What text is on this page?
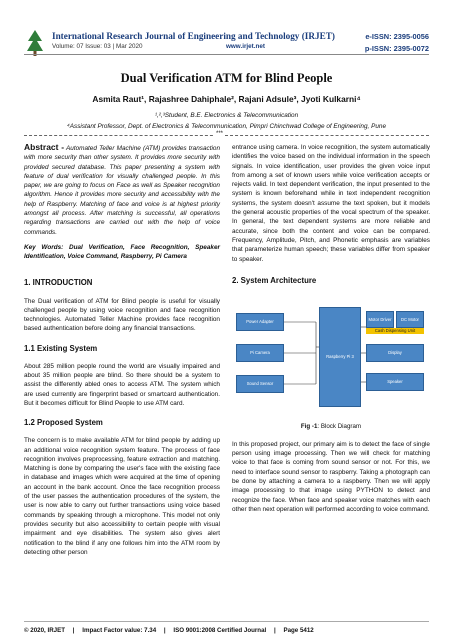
International Research Journal of Engineering and Technology (IRJET)
Volume: 07 Issue: 03 | Mar 2020	www.irjet.net
e-ISSN: 2395-0056
p-ISSN: 2395-0072
Dual Verification ATM for Blind People
Asmita Raut¹, Rajashree Dahiphale², Rajani Adsule³, Jyoti Kulkarni⁴
¹,²,³Student, B.E. Electronics & Telecommunication
⁴Assistant Professor, Dept. of Electronics & Telecommunication, Pimpri Chinchwad College of Engineering, Pune
***

Abstract - Automated Teller Machine (ATM) provides transaction with more security than other system. It provides more security with provided secured database. This paper presenting a system with feature of dual verification for visually challenged people. In this paper, we are going to focus on Face as well as Speaker recognition algorithm. Hence it provides more security and accessibility with the help of Raspberry. Matching of face and voice is at highest priority amongst all process. After matching is successful, all operations regarding transactions are carried out with the help of voice commands.

Key Words: Dual Verification, Face Recognition, Speaker Identification, Voice Command, Raspberry, Pi Camera
1. INTRODUCTION

The Dual verification of ATM for Blind people is useful for visually challenged people by using voice recognition and face recognition technologies. Automated Teller Machine provides face recognition based authentication before doing any financial transactions.

1.1 Existing System

About 285 million people round the world are visually impaired and about 35 million people are blind. So there should be a system to assist the differently abled ones to access ATM. The system which are used currently are fingerprint based or smartcard authentication. But it becomes difficult for Blind People to use ATM card.

1.2 Proposed System

The concern is to make available ATM for blind people by adding up an additional voice recognition system feature. The process of face recognition involves preprocessing, feature extraction and matching. Matching is done by comparing the user's face with the existing face in database and images which were acquired at the time of opening an account in the bank account. Once the face recognition process of the user passes the authentication procedures of the system, the user is now able to carry out further transactions using voice based commands by speaking through a microphone. This model not only provides security but also accessibility to certain people with visual impairment and eye disabilities. The system also gives alert notification to the blind if any one follows him into the ATM room by detecting other person

entrance using camera. In voice recognition, the system automatically identifies the voice based on the individual information in the speech signals. In voice identification, user provides the given voice input from among a set of known users while voice verification accepts or rejects valid. In text dependent verification, the input presented to the system is known beforehand while in text independent recognition systems, the system doesn't assume the text spoken, but it models the general acoustic properties of the vocal spectrum of the speaker. In general, the text dependent systems are more reliable and accurate, since both the content and voice can be compared. Frequency, Amplitude, Pitch, and Phonetic emphasis are variables that parameterize human speech; these variables differ from speaker to speaker.

2. System Architecture
Power Adapter
Pi Camera
Sound Sensor
Raspberry Pi 3
Motor Driver	DC Motor
Cash Dispensing Unit
Display
Speaker
Fig -1: Block Diagram

In this proposed project, our primary aim is to detect the face of single person using image processing. Then we will check for matching voice to that face is coming from sound sensor or not. For this, we need to interface sound sensor to raspberry. Taking a photograph can be done by attaching a camera to a raspberry. Then we will apply image processing to that image using PYTHON to detect and recognize the face. When face and speaker voice matches with each other then next operation will performed according to voice command.

© 2020, IRJET | Impact Factor value: 7.34 | ISO 9001:2008 Certified Journal | Page 5412
